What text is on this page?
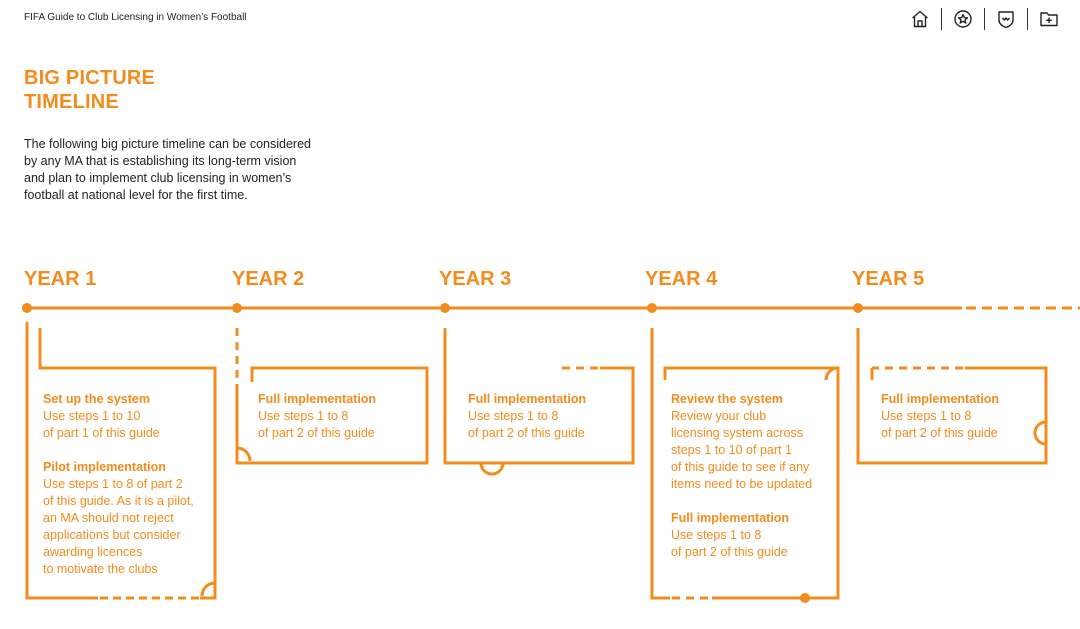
FIFA Guide to Club Licensing in Women’s Football
BIG PICTURE
TIMELINE
The following big picture timeline can be considered by any MA that is establishing its long-term vision and plan to implement club licensing in women’s football at national level for the first time.
YEAR 1	YEAR 2	YEAR 3	YEAR 4	YEAR 5
Set up the system
Use steps 1 to 10
of part 1 of this guide
Pilot implementation
Use steps 1 to 8 of part 2
of this guide. As it is a pilot,
an MA should not reject
applications but consider
awarding licences
to motivate the clubs
Full implementation
Use steps 1 to 8
of part 2 of this guide
Full implementation
Use steps 1 to 8
of part 2 of this guide
Review the system
Review your club
licensing system across
steps 1 to 10 of part 1
of this guide to see if any
items need to be updated
Full implementation
Use steps 1 to 8
of part 2 of this guide
Full implementation
Use steps 1 to 8
of part 2 of this guide
